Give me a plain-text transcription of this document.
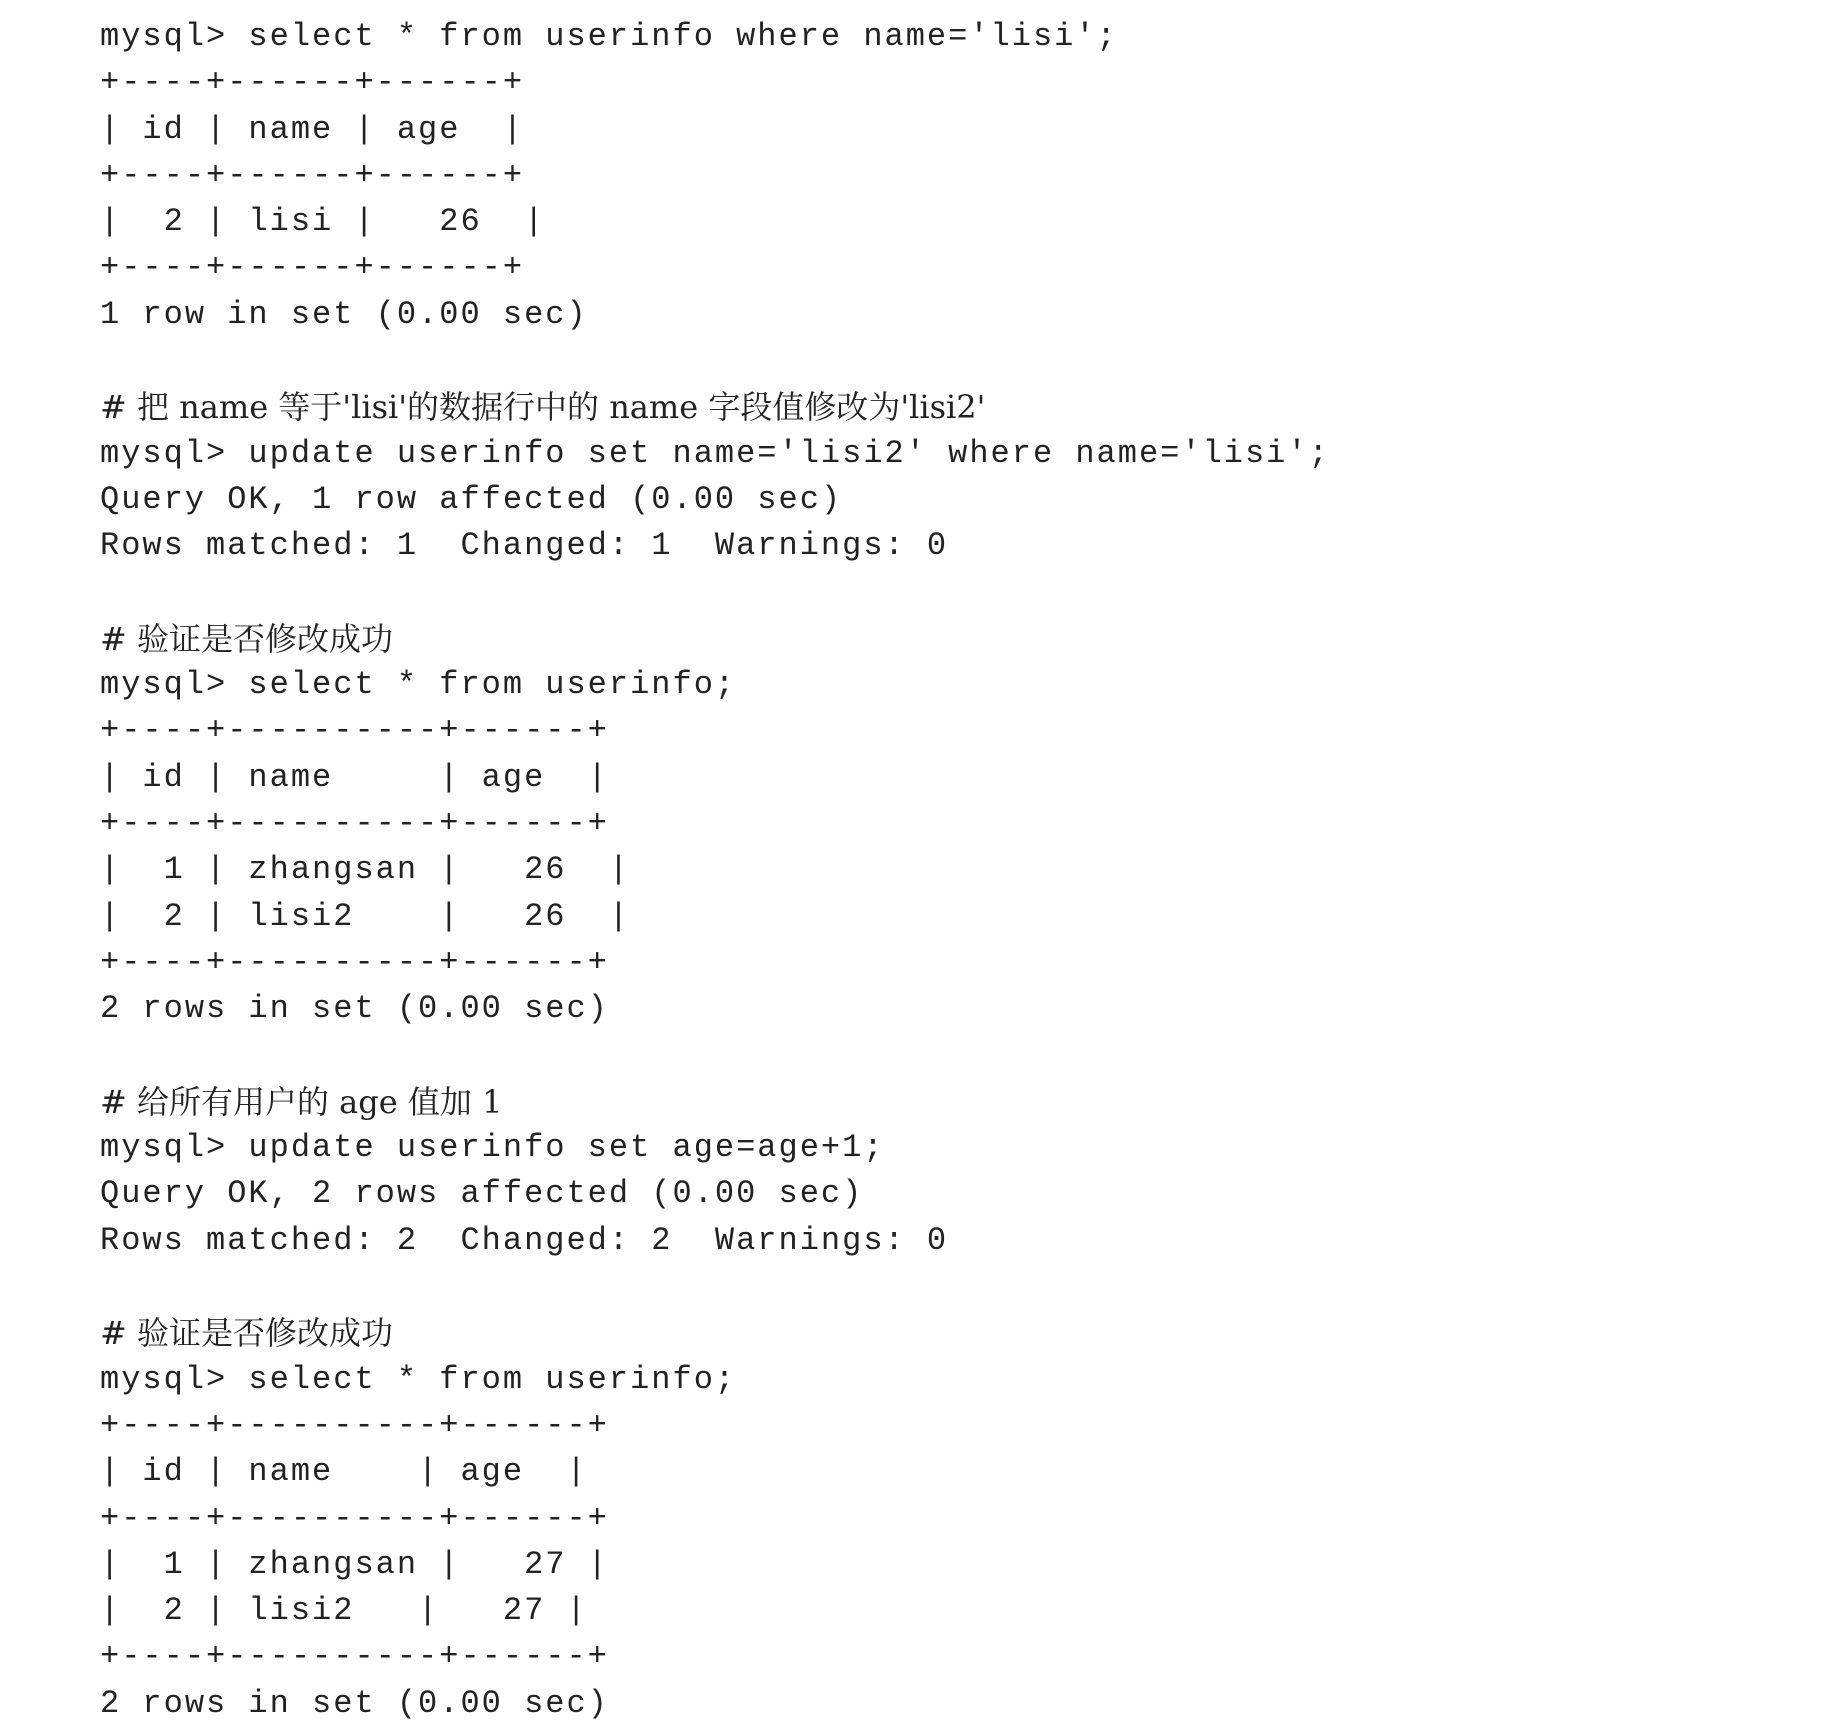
mysql> select * from userinfo where name='lisi';
+----+------+------+
| id | name | age  |
+----+------+------+
|  2 | lisi |   26  |
+----+------+------+
1 row in set (0.00 sec)
# 把 name 等于'lisi'的数据行中的 name 字段值修改为'lisi2'
mysql> update userinfo set name='lisi2' where name='lisi';
Query OK, 1 row affected (0.00 sec)
Rows matched: 1  Changed: 1  Warnings: 0
# 验证是否修改成功
mysql> select * from userinfo;
+----+----------+------+
| id | name     | age  |
+----+----------+------+
|  1 | zhangsan |   26  |
|  2 | lisi2    |   26  |
+----+----------+------+
2 rows in set (0.00 sec)
# 给所有用户的 age 值加 1
mysql> update userinfo set age=age+1;
Query OK, 2 rows affected (0.00 sec)
Rows matched: 2  Changed: 2  Warnings: 0
# 验证是否修改成功
mysql> select * from userinfo;
+----+----------+------+
| id | name    | age  |
+----+----------+------+
|  1 | zhangsan |   27 |
|  2 | lisi2   |   27 |
+----+----------+------+
2 rows in set (0.00 sec)
